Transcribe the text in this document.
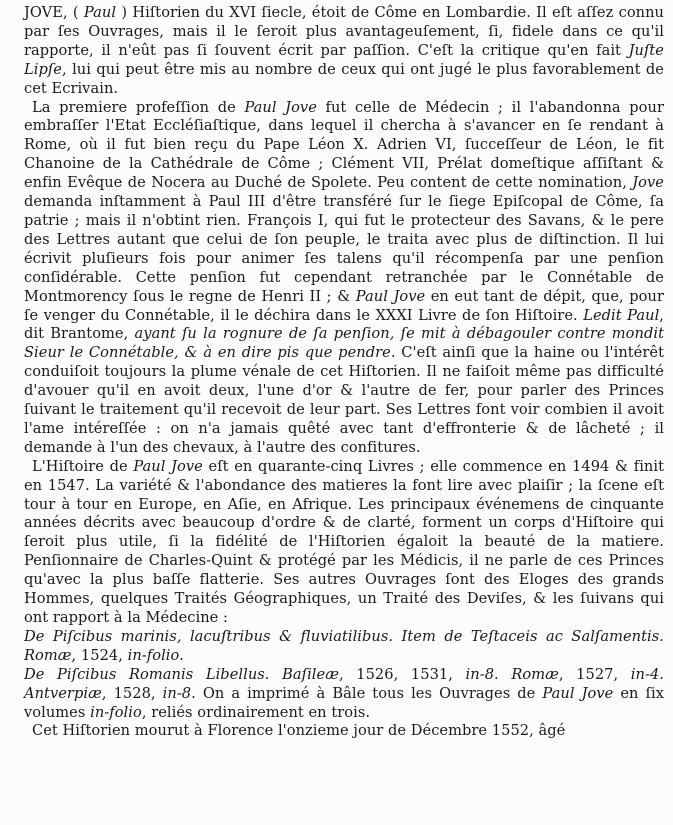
JOVE, ( Paul ) Hiſtorien du XVI ſiecle, étoit de Côme en Lombardie. Il eſt aſſez connu par ſes Ouvrages, mais il le ſeroit plus avantageuſement, ſi, fidele dans ce qu'il rapporte, il n'eût pas ſi ſouvent écrit par paſſion. C'eſt la critique qu'en fait Juſte Lipſe, lui qui peut être mis au nombre de ceux qui ont jugé le plus favorablement de cet Ecrivain.

La premiere profeſſion de Paul Jove fut celle de Médecin ; il l'abandonna pour embraſſer l'Etat Eccléſiaſtique, dans lequel il chercha à s'avancer en ſe rendant à Rome, où il fut bien reçu du Pape Léon X. Adrien VI, ſucceſſeur de Léon, le fit Chanoine de la Cathédrale de Côme ; Clément VII, Prélat domeſtique aſſiſtant & enfin Evêque de Nocera au Duché de Spolete. Peu content de cette nomination, Jove demanda inſtamment à Paul III d'être transféré ſur le ſiege Epiſcopal de Côme, ſa patrie ; mais il n'obtint rien. François I, qui fut le protecteur des Savans, & le pere des Lettres autant que celui de ſon peuple, le traita avec plus de diſtinction. Il lui écrivit pluſieurs fois pour animer ſes talens qu'il récompenſa par une penſion conſidérable. Cette penſion fut cependant retranchée par le Connétable de Montmorency ſous le regne de Henri II ; & Paul Jove en eut tant de dépit, que, pour ſe venger du Connétable, il le déchira dans le XXXI Livre de ſon Hiſtoire. Ledit Paul, dit Brantome, ayant ſu la rognure de ſa penſion, ſe mit à débagouler contre mondit Sieur le Connétable, & à en dire pis que pendre. C'eſt ainſi que la haine ou l'intérêt conduiſoit toujours la plume vénale de cet Hiſtorien. Il ne faiſoit même pas difficulté d'avouer qu'il en avoit deux, l'une d'or & l'autre de fer, pour parler des Princes ſuivant le traitement qu'il recevoit de leur part. Ses Lettres font voir combien il avoit l'ame intéreſſée : on n'a jamais quêté avec tant d'effronterie & de lâcheté ; il demande à l'un des chevaux, à l'autre des confitures.

L'Hiſtoire de Paul Jove eſt en quarante-cinq Livres ; elle commence en 1494 & finit en 1547. La variété & l'abondance des matieres la font lire avec plaiſir ; la ſcene eſt tour à tour en Europe, en Aſie, en Afrique. Les principaux événemens de cinquante années décrits avec beaucoup d'ordre & de clarté, forment un corps d'Hiſtoire qui ſeroit plus utile, ſi la fidélité de l'Hiſtorien égaloit la beauté de la matiere. Penſionnaire de Charles-Quint & protégé par les Médicis, il ne parle de ces Princes qu'avec la plus baſſe flatterie. Ses autres Ouvrages ſont des Eloges des grands Hommes, quelques Traités Géographiques, un Traité des Deviſes, & les ſuivans qui ont rapport à la Médecine :

De Piſcibus marinis, lacuſtribus & fluviatilibus. Item de Teſtaceis ac Salſamentis. Romæ, 1524, in-folio.

De Piſcibus Romanis Libellus. Baſileæ, 1526, 1531, in-8. Romæ, 1527, in-4. Antverpiæ, 1528, in-8. On a imprimé à Bâle tous les Ouvrages de Paul Jove en ſix volumes in-folio, reliés ordinairement en trois.

Cet Hiſtorien mourut à Florence l'onzieme jour de Décembre 1552, âgé
